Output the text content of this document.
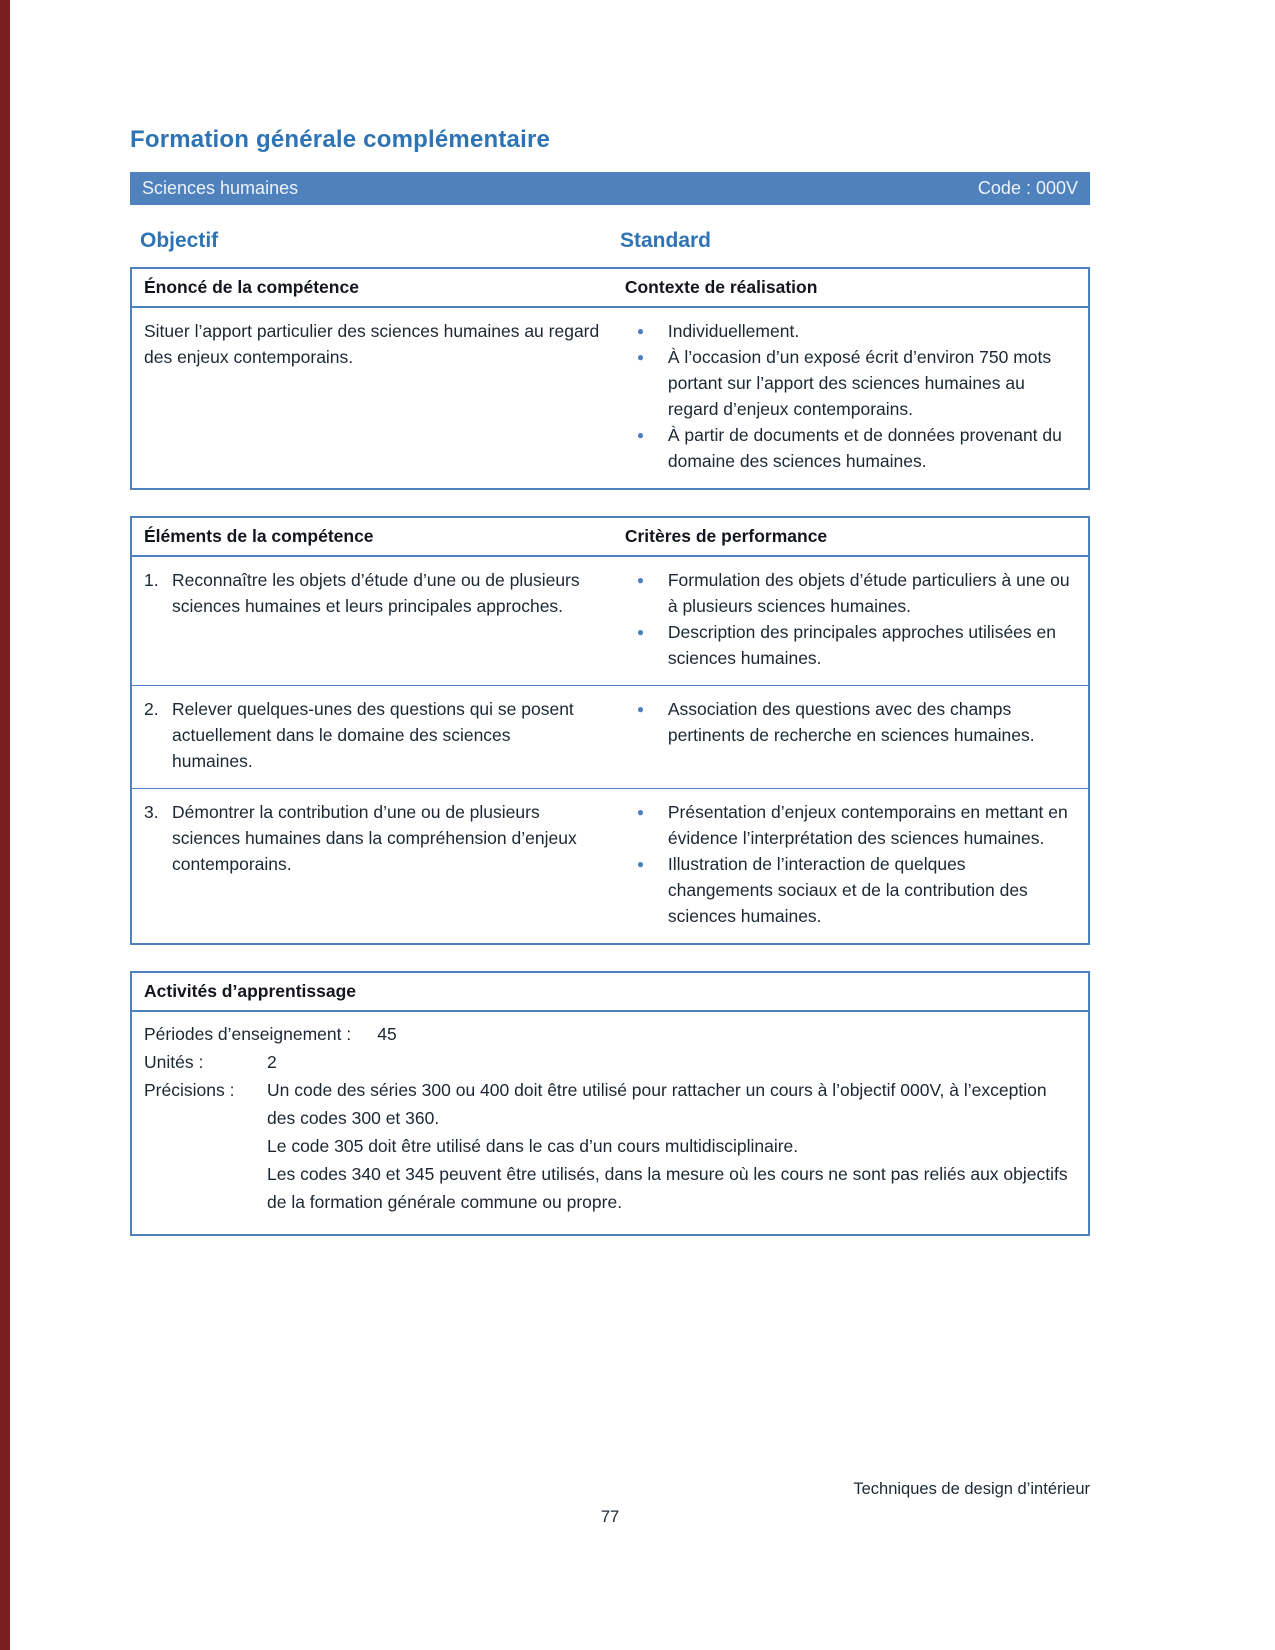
Formation générale complémentaire
Sciences humaines	Code : 000V
Objectif	Standard
Énoncé de la compétence	Contexte de réalisation
Situer l’apport particulier des sciences humaines au regard des enjeux contemporains.	
●	Individuellement.
●	À l’occasion d’un exposé écrit d’environ 750 mots portant sur l’apport des sciences humaines au regard d’enjeux contemporains.
●	À partir de documents et de données provenant du domaine des sciences humaines.
Éléments de la compétence	Critères de performance

1. Reconnaître les objets d’étude d’une ou de plusieurs sciences humaines et leurs principales approches.

●	Formulation des objets d’étude particuliers à une ou à plusieurs sciences humaines.
●	Description des principales approches utilisées en sciences humaines.

2. Relever quelques-unes des questions qui se posent actuellement dans le domaine des sciences humaines.	● Association des questions avec des champs pertinents de recherche en sciences humaines.

3. Démontrer la contribution d’une ou de plusieurs sciences humaines dans la compréhension d’enjeux contemporains.

●	Présentation d’enjeux contemporains en mettant en évidence l’interprétation des sciences humaines.
●	Illustration de l’interaction de quelques changements sociaux et de la contribution des sciences humaines.
Activités d’apprentissage
Périodes d’enseignement : 45
Unités :	2
Précisions :	Un code des séries 300 ou 400 doit être utilisé pour rattacher un cours à l’objectif 000V, à l’exception des codes 300 et 360.

Le code 305 doit être utilisé dans le cas d’un cours multidisciplinaire.

Les codes 340 et 345 peuvent être utilisés, dans la mesure où les cours ne sont pas reliés aux objectifs de la formation générale commune ou propre.

Techniques de design d’intérieur
77
